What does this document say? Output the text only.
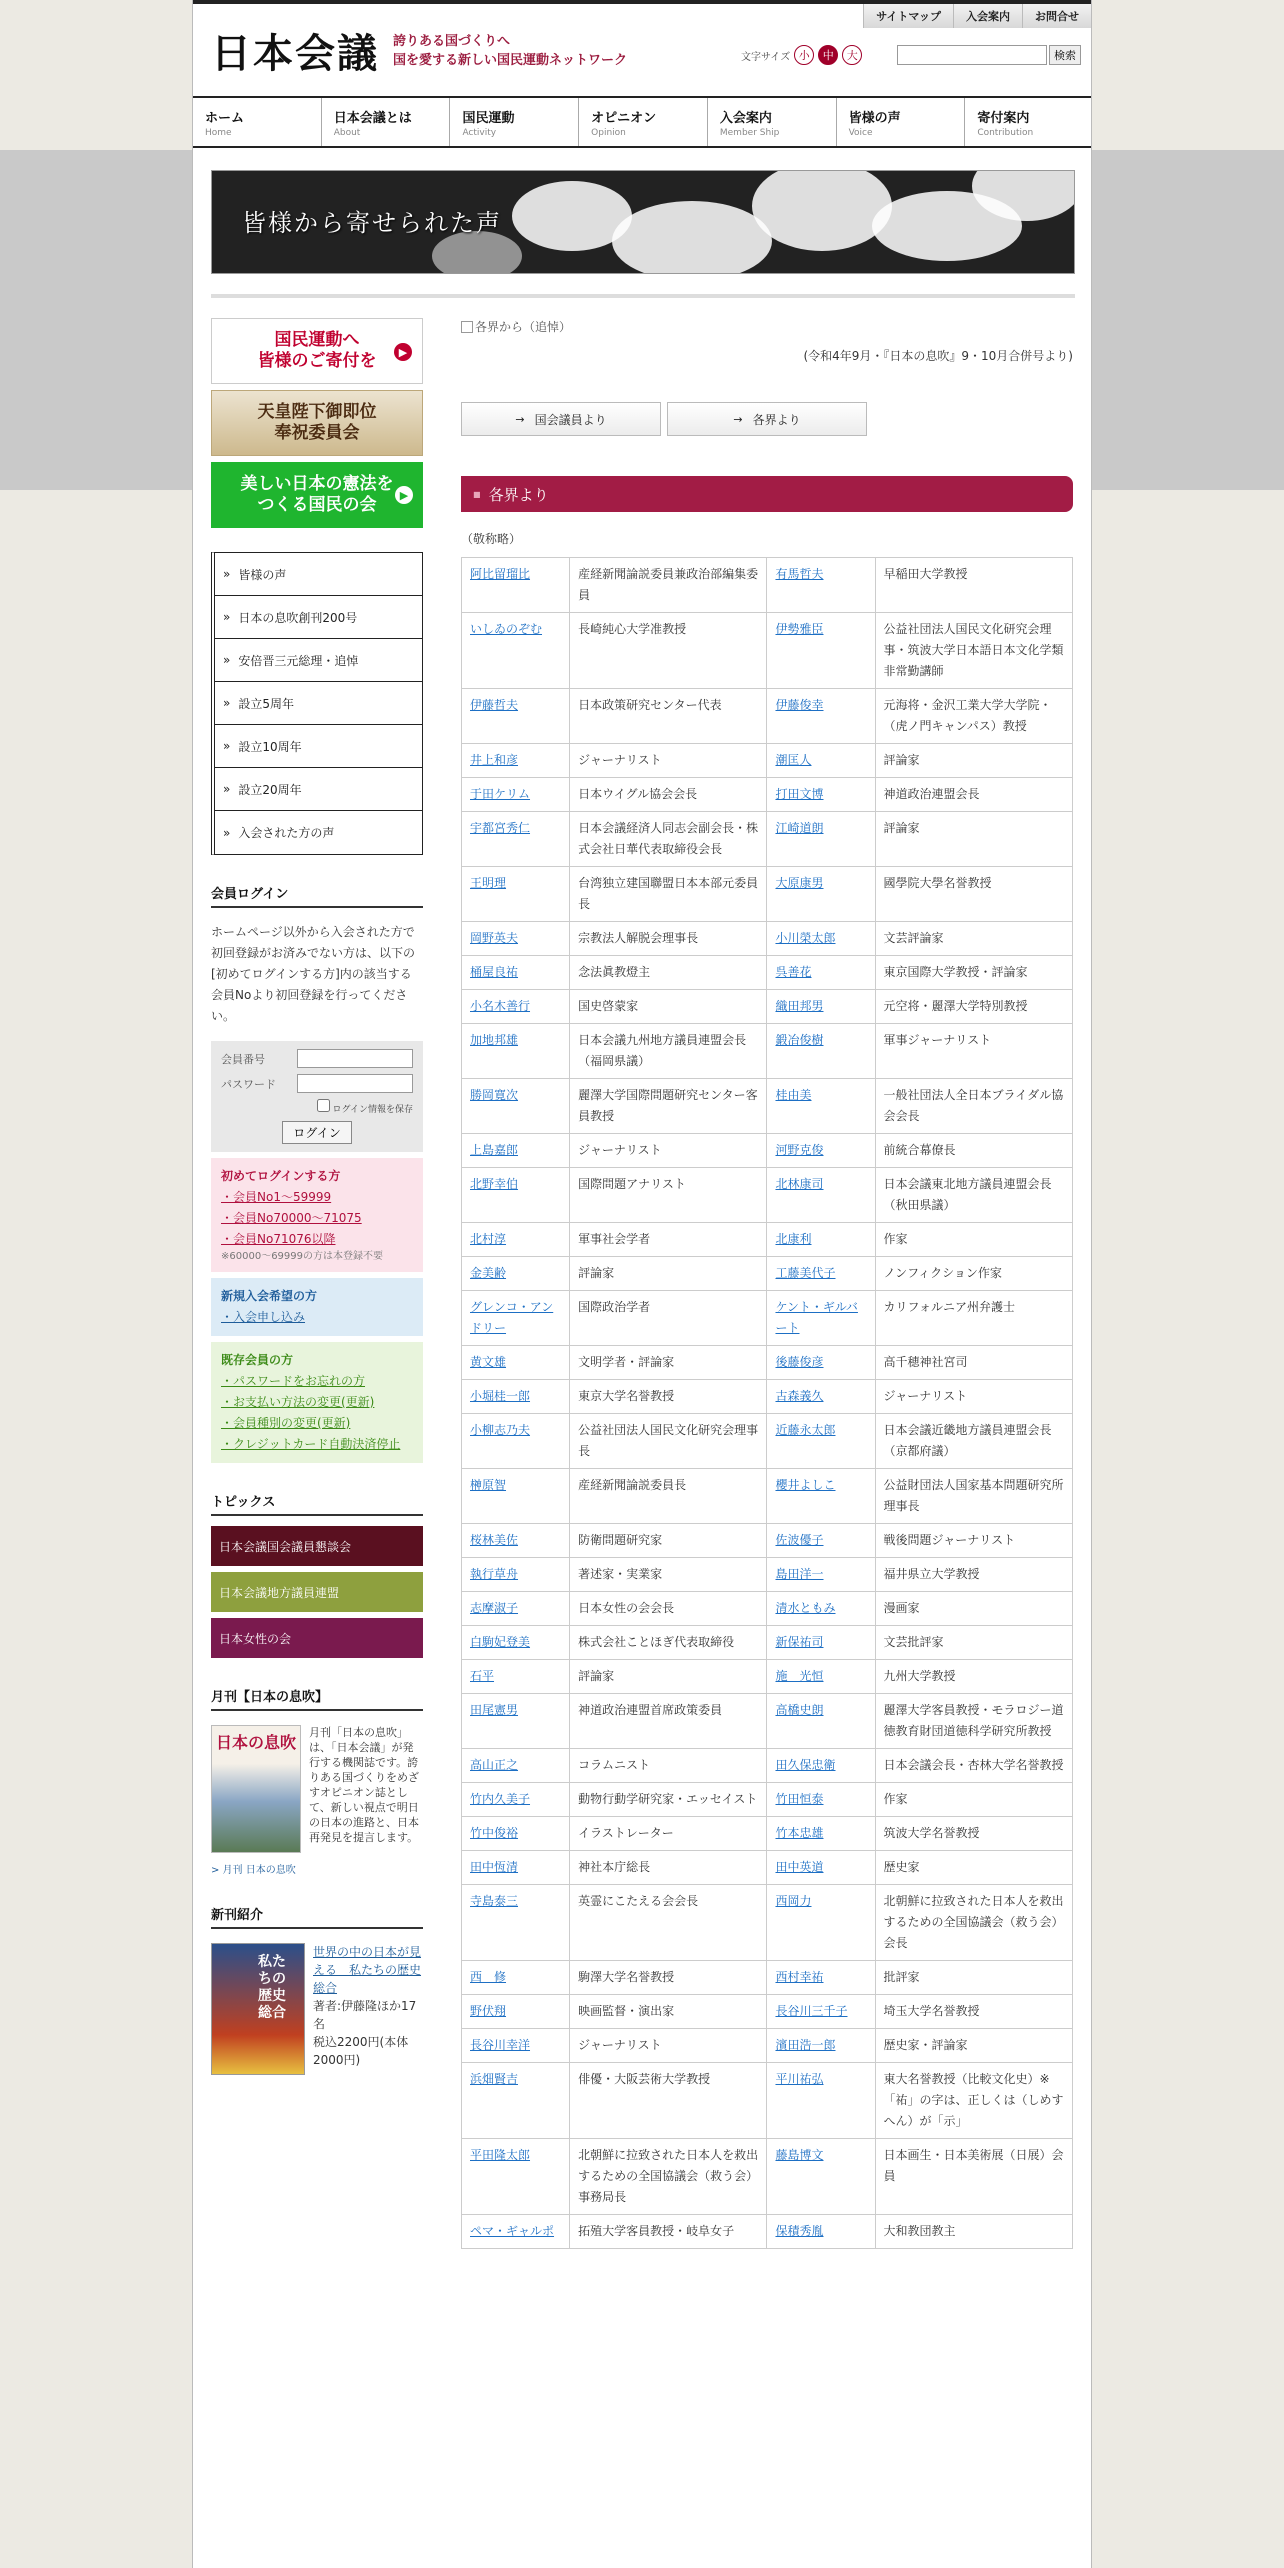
サイトマップ	入会案内	お問合せ
日本会議 誇りある国づくりへ
国を愛する新しい国民運動ネットワーク	文字サイズ 小	中	大	検索
ホーム
Home
日本会議とは
About
国民運動
Activity
オピニオン
Opinion
入会案内
Member Ship
皆様の声
Voice
寄付案内
Contribution
皆様から寄せられた声
国民運動へ
皆様のご寄付を	▶
天皇陛下御即位
奉祝委員会
美しい日本の憲法を
つくる国民の会	▶
» 皆様の声
» 日本の息吹創刊200号
» 安倍晋三元総理・追悼
» 設立5周年
» 設立10周年
» 設立20周年
» 入会された方の声
会員ログイン
ホームページ以外から入会された方で初回登録がお済みでない方は、以下の[初めてログインする方]内の該当する会員Noより初回登録を行ってください。
会員番号
パスワード
ログイン情報を保存
ログイン
初めてログインする方
・会員No1～59999
・会員No70000～71075
・会員No71076以降
※60000～69999の方は本登録不要
新規入会希望の方
・入会申し込み
既存会員の方
・パスワードをお忘れの方
・お支払い方法の変更(更新)
・会員種別の変更(更新)
・クレジットカード自動決済停止
トピックス
日本会議国会議員懇談会
日本会議地方議員連盟
日本女性の会
月刊【日本の息吹】
日本の息吹
月刊「日本の息吹」は、「日本会議」が発行する機関誌です。誇りある国づくりをめざすオピニオン誌として、新しい視点で明日の日本の進路と、日本再発見を提言します。
> 月刊 日本の息吹
新刊紹介
私たちの歴史総合
世界の中の日本が見える　私たちの歴史総合
著者:伊藤隆ほか17名
税込2200円(本体2000円)
各界から（追悼）
(令和4年9月・『日本の息吹』9・10月合併号より)
→ 国会議員より	→ 各界より
■ 各界より
（敬称略）
阿比留瑠比	産経新聞論説委員兼政治部編集委員	有馬哲夫	早稲田大学教授
いしゐのぞむ	長崎純心大学准教授	伊勢雅臣	公益社団法人国民文化研究会理事・筑波大学日本語日本文化学類非常勤講師
伊藤哲夫	日本政策研究センター代表	伊藤俊幸	元海将・金沢工業大学大学院・（虎ノ門キャンパス）教授
井上和彦	ジャーナリスト	潮匡人	評論家
于田ケリム	日本ウイグル協会会長	打田文博	神道政治連盟会長
宇都宮秀仁	日本会議経済人同志会副会長・株式会社日華代表取締役会長	江崎道朗	評論家
王明理	台湾独立建国聯盟日本本部元委員長	大原康男	國學院大學名誉教授
岡野英夫	宗教法人解脱会理事長	小川榮太郎	文芸評論家
桶屋良祐	念法眞教燈主	呉善花	東京国際大学教授・評論家
小名木善行	国史啓蒙家	織田邦男	元空将・麗澤大学特別教授
加地邦雄	日本会議九州地方議員連盟会長（福岡県議）	鍛冶俊樹	軍事ジャーナリスト
勝岡寛次	麗澤大学国際問題研究センター客員教授	桂由美	一般社団法人全日本ブライダル協会会長
上島嘉郎	ジャーナリスト	河野克俊	前統合幕僚長
北野幸伯	国際問題アナリスト	北林康司	日本会議東北地方議員連盟会長（秋田県議）
北村淳	軍事社会学者	北康利	作家
金美齢	評論家	工藤美代子	ノンフィクション作家
グレンコ・アンドリー	国際政治学者	ケント・ギルバート	カリフォルニア州弁護士
黄文雄	文明学者・評論家	後藤俊彦	高千穂神社宮司
小堀桂一郎	東京大学名誉教授	古森義久	ジャーナリスト
小柳志乃夫	公益社団法人国民文化研究会理事長	近藤永太郎	日本会議近畿地方議員連盟会長（京都府議）
榊原智	産経新聞論説委員長	櫻井よしこ	公益財団法人国家基本問題研究所理事長
桜林美佐	防衛問題研究家	佐波優子	戦後問題ジャーナリスト
執行草舟	著述家・実業家	島田洋一	福井県立大学教授
志摩淑子	日本女性の会会長	清水ともみ	漫画家
白駒妃登美	株式会社ことほぎ代表取締役	新保祐司	文芸批評家
石平	評論家	施　光恒	九州大学教授
田尾憲男	神道政治連盟首席政策委員	高橋史朗	麗澤大学客員教授・モラロジー道徳教育財団道徳科学研究所教授
高山正之	コラムニスト	田久保忠衛	日本会議会長・杏林大学名誉教授
竹内久美子	動物行動学研究家・エッセイスト	竹田恒泰	作家
竹中俊裕	イラストレーター	竹本忠雄	筑波大学名誉教授
田中恆清	神社本庁総長	田中英道	歴史家
寺島泰三	英霊にこたえる会会長	西岡力	北朝鮮に拉致された日本人を救出するための全国協議会（救う会）会長
西　修	駒澤大学名誉教授	西村幸祐	批評家
野伏翔	映画監督・演出家	長谷川三千子	埼玉大学名誉教授
長谷川幸洋	ジャーナリスト	濱田浩一郎	歴史家・評論家
浜畑賢吉	俳優・大阪芸術大学教授	平川祐弘	東大名誉教授（比較文化史）※「祐」の字は、正しくは（しめすへん）が「示」
平田隆太郎	北朝鮮に拉致された日本人を救出するための全国協議会（救う会）事務局長	藤島博文	日本画生・日本美術展（日展）会員
ペマ・ギャルポ	拓殖大学客員教授・岐阜女子	保積秀胤	大和教団教主
